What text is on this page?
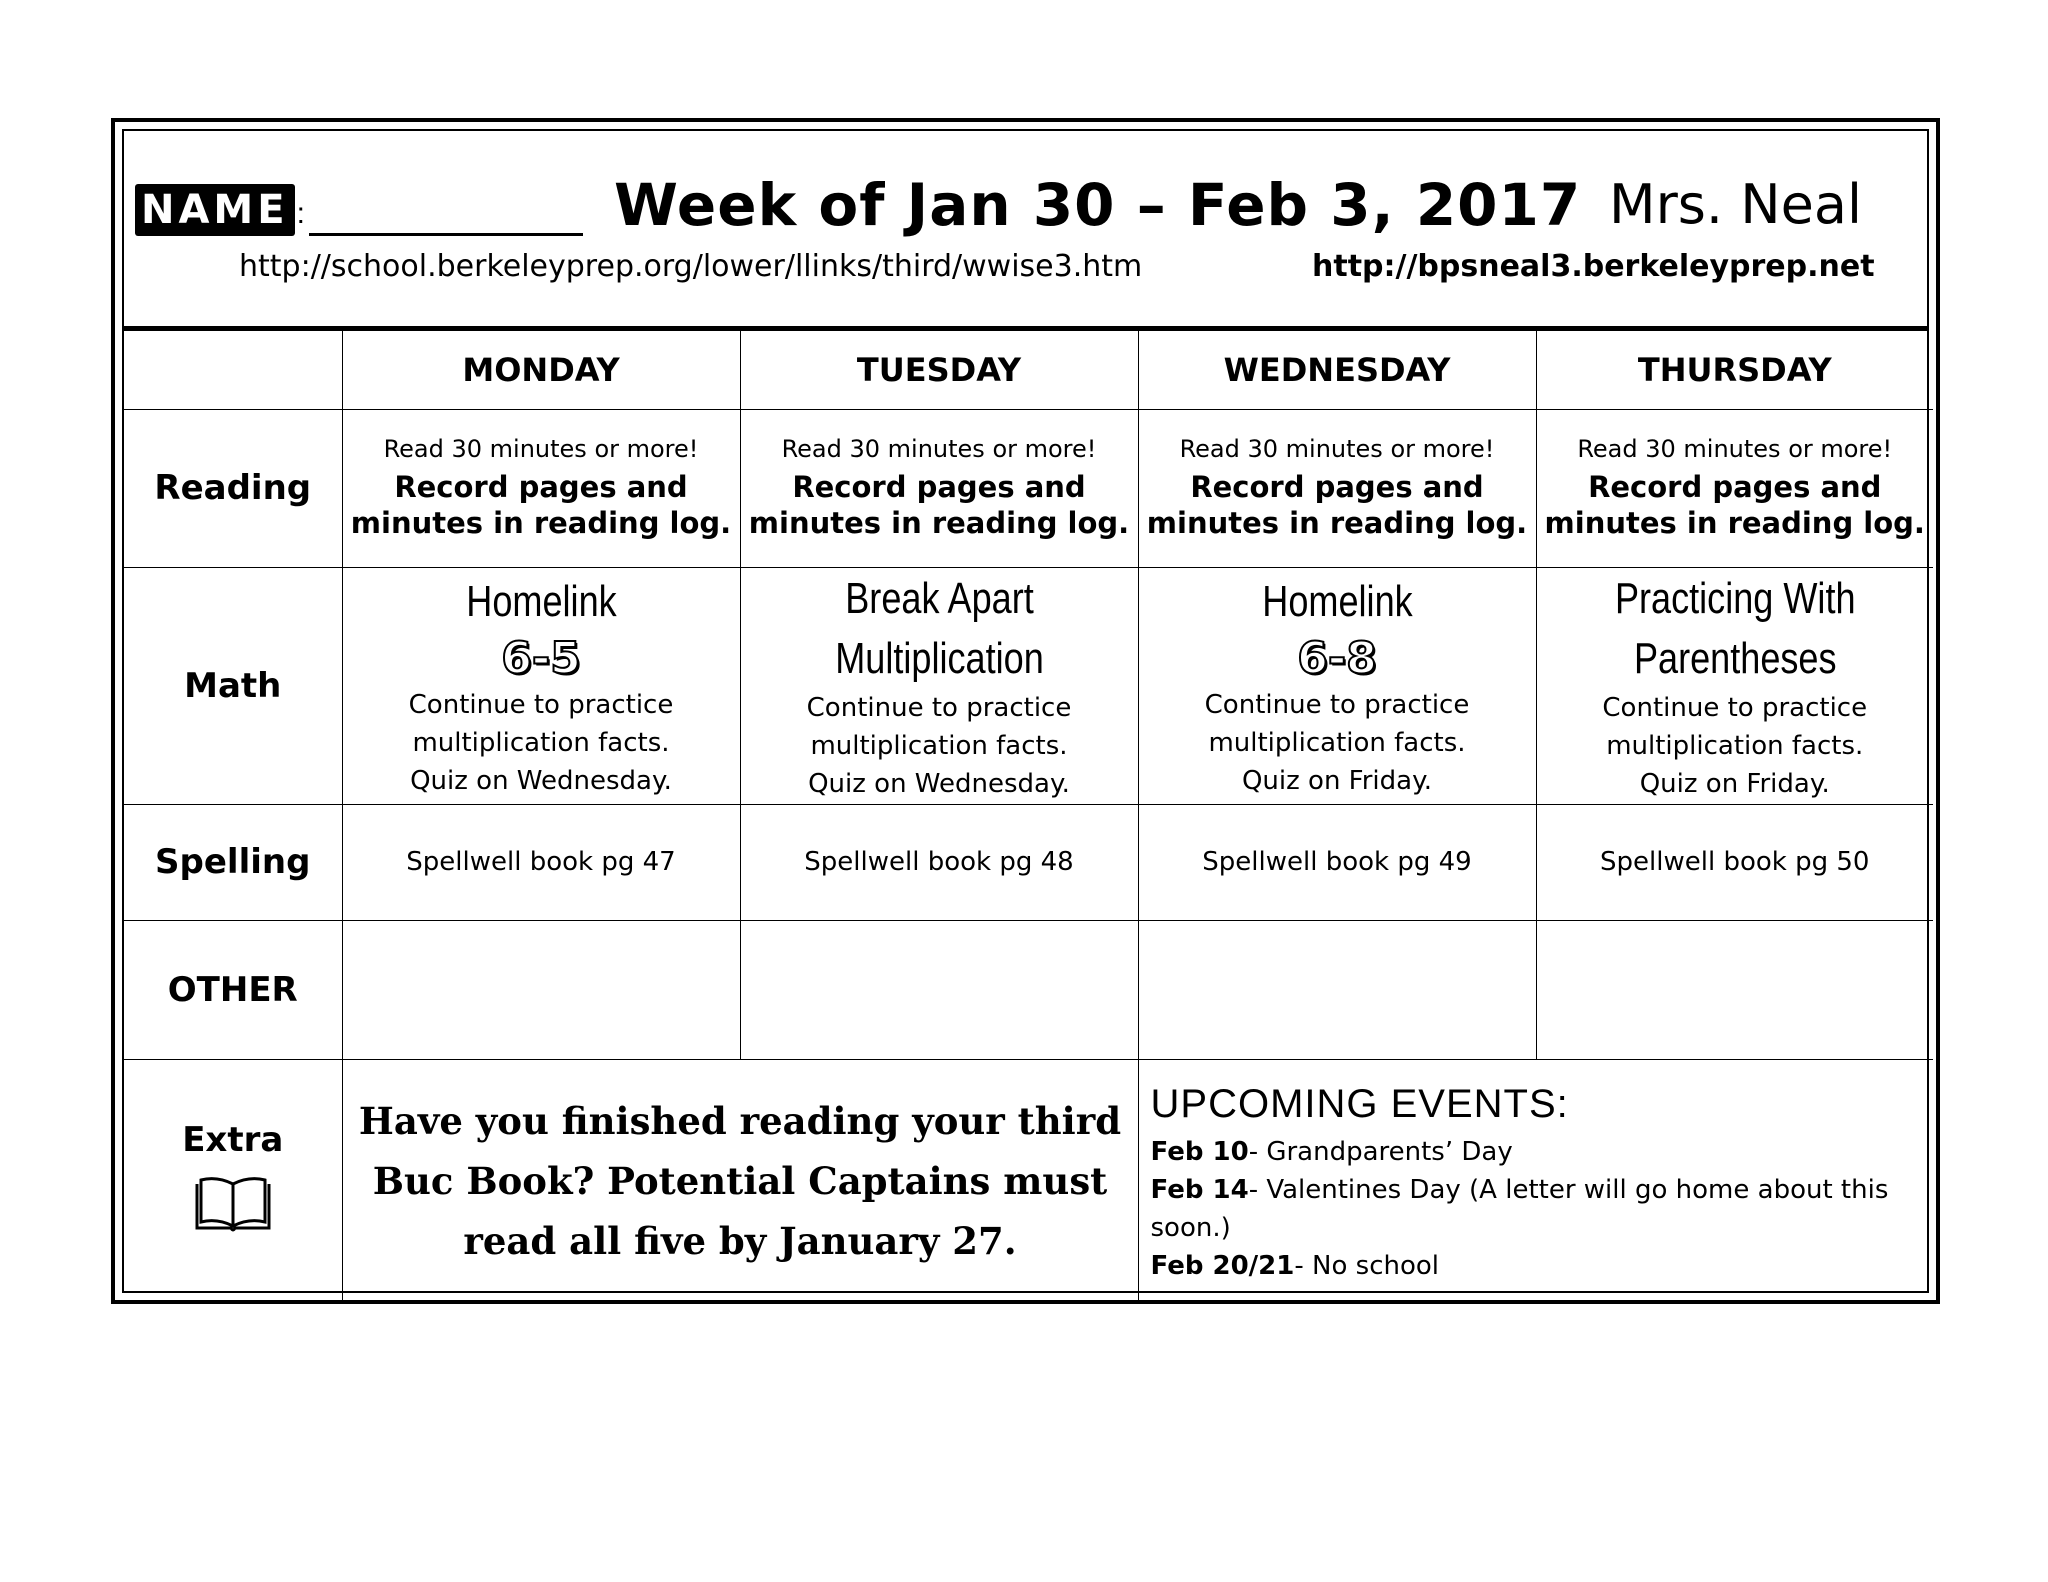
NAME :	Week of Jan 30 – Feb 3, 2017 Mrs. Neal
http://school.berkeleyprep.org/lower/llinks/third/wwise3.htm	http://bpsneal3.berkeleyprep.net
	MONDAY	TUESDAY	WEDNESDAY	THURSDAY
Reading	Read 30 minutes or more!
Record pages and
minutes in reading log.	Read 30 minutes or more!
Record pages and
minutes in reading log.	Read 30 minutes or more!
Record pages and
minutes in reading log.	Read 30 minutes or more!
Record pages and
minutes in reading log.

Math	Homelink
6-5
Continue to practice
multiplication facts.
Quiz on Wednesday.	Break Apart
Multiplication
Continue to practice
multiplication facts.
Quiz on Wednesday.	Homelink
6-8
Continue to practice
multiplication facts.
Quiz on Friday.	Practicing With
Parentheses
Continue to practice
multiplication facts.
Quiz on Friday.

Spelling	Spellwell book pg 47	Spellwell book pg 48	Spellwell book pg 49	Spellwell book pg 50
OTHER				
Extra	Have you finished reading your third Buc Book? Potential Captains must read all five by January 27.		UPCOMING EVENTS:
Feb 10- Grandparents’ Day
Feb 14- Valentines Day (A letter will go home about this soon.)
Feb 20/21- No school	
